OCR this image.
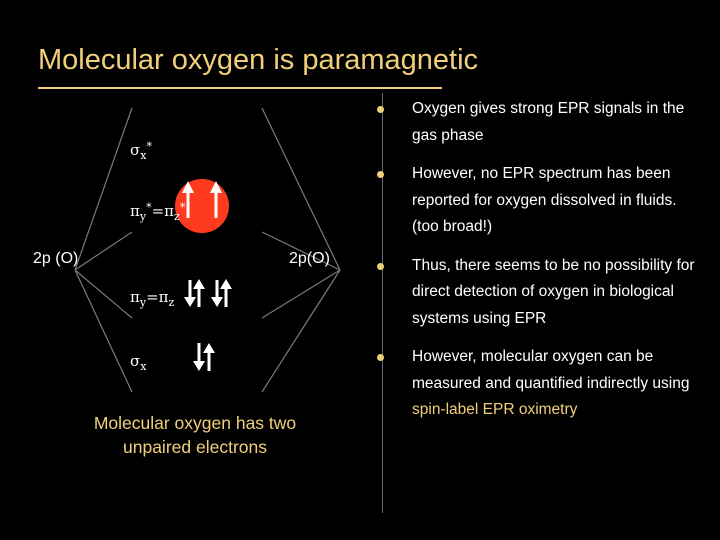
Molecular oxygen is paramagnetic
$\sigma_x^*$
$\pi_y^*=\pi_z^*$
2p (O)	2p(O)
$\pi_y=\pi_z$
$\sigma_x$
Molecular oxygen has two unpaired electrons
Oxygen gives strong EPR signals in the gas phase
However, no EPR spectrum has been reported for oxygen dissolved in fluids. (too broad!)
Thus, there seems to be no possibility for direct detection of oxygen in biological systems using EPR
However, molecular oxygen can be measured and quantified indirectly using spin-label EPR oximetry
